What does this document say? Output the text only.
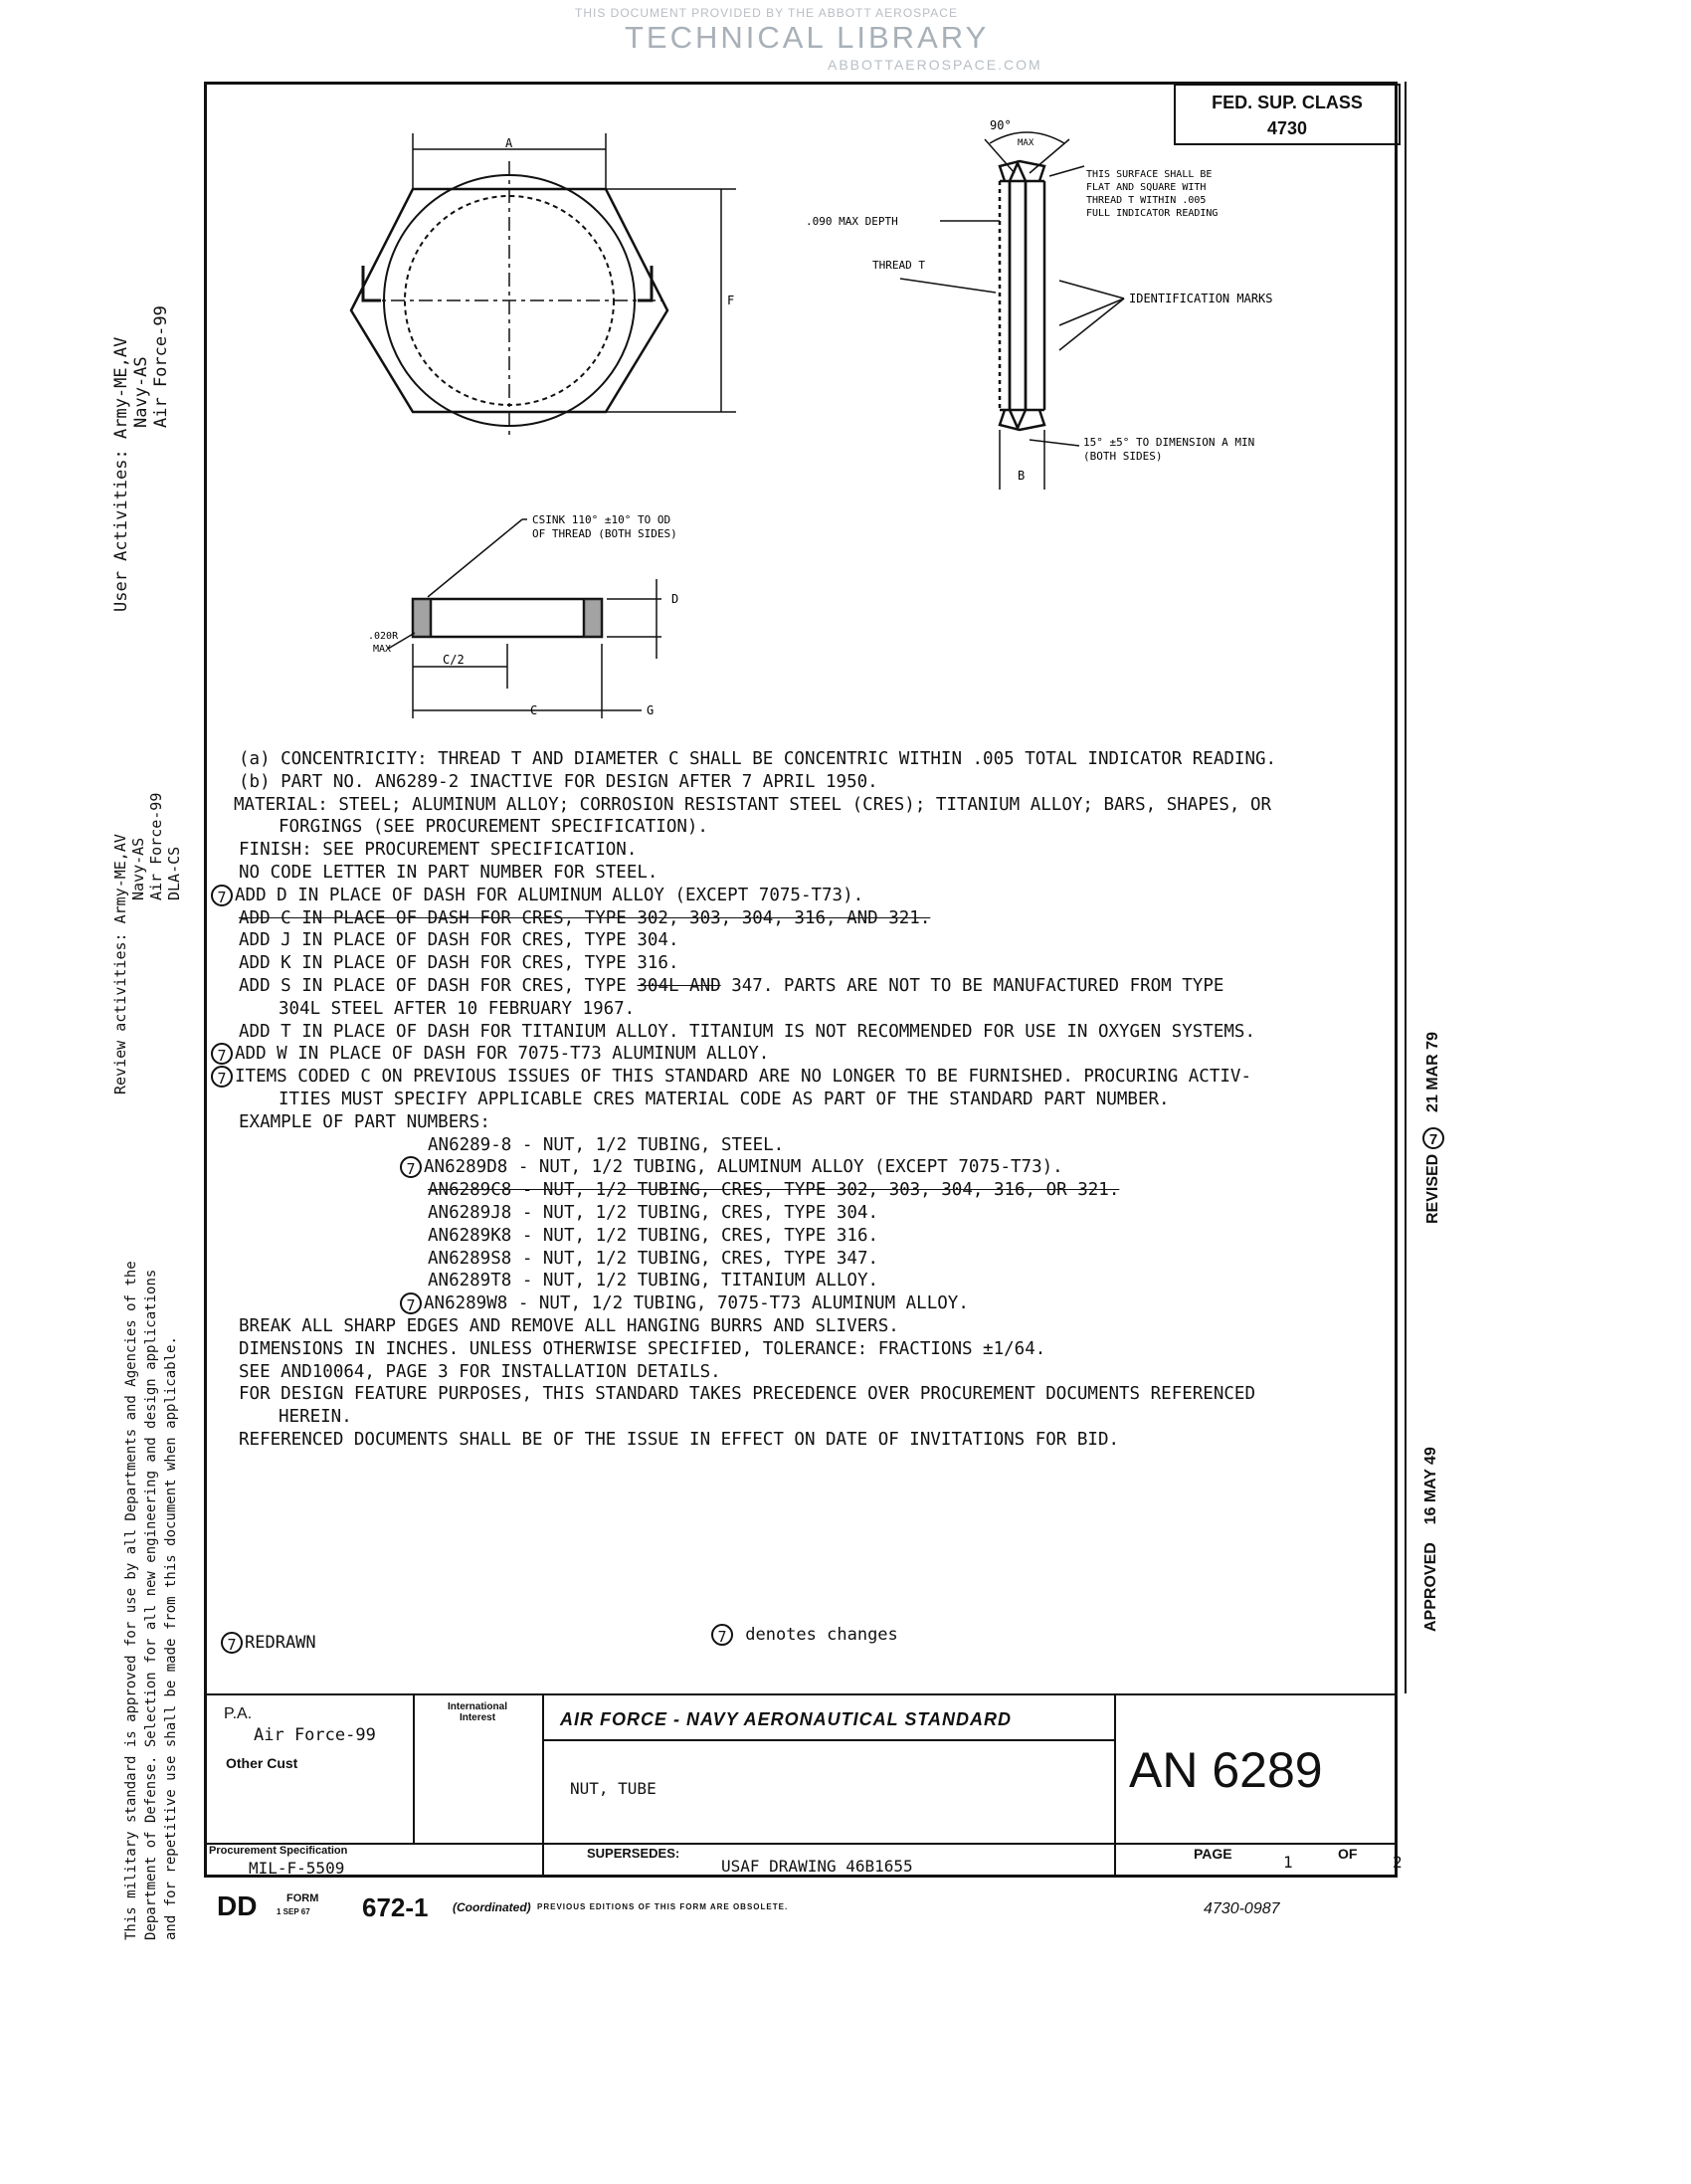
THIS DOCUMENT PROVIDED BY THE ABBOTT AEROSPACE
TECHNICAL LIBRARY
ABBOTTAEROSPACE.COM
FED. SUP. CLASS
4730
User Activities: Army-ME,AV Navy-AS Air Force-99
Review activities: Army-ME,AV Navy-AS Air Force-99 DLA-CS
This military standard is approved for use by all Departments and Agencies of the Department of Defense. Selection for all new engineering and design applications and for repetitive use shall be made from this document when applicable.
REVISED 7   21 MAR 79
APPROVED    16 MAY 49
A
F
90°
MAX
.090 MAX DEPTH
THREAD T
THIS SURFACE SHALL BE
FLAT AND SQUARE WITH
THREAD T WITHIN .005
FULL INDICATOR READING
IDENTIFICATION MARKS
15° ±5° TO DIMENSION A MIN
(BOTH SIDES)
B
CSINK 110° ±10° TO OD
OF THREAD (BOTH SIDES)
.020R
MAX
D
C/2
C	G
(a) CONCENTRICITY: THREAD T AND DIAMETER C SHALL BE CONCENTRIC WITHIN .005 TOTAL INDICATOR READING.
(b) PART NO. AN6289-2 INACTIVE FOR DESIGN AFTER 7 APRIL 1950.
MATERIAL: STEEL; ALUMINUM ALLOY; CORROSION RESISTANT STEEL (CRES); TITANIUM ALLOY; BARS, SHAPES, OR
FORGINGS (SEE PROCUREMENT SPECIFICATION).
FINISH: SEE PROCUREMENT SPECIFICATION.
NO CODE LETTER IN PART NUMBER FOR STEEL.
7 ADD D IN PLACE OF DASH FOR ALUMINUM ALLOY (EXCEPT 7075-T73).
ADD C IN PLACE OF DASH FOR CRES, TYPE 302, 303, 304, 316, AND 321.
ADD J IN PLACE OF DASH FOR CRES, TYPE 304.
ADD K IN PLACE OF DASH FOR CRES, TYPE 316.
ADD S IN PLACE OF DASH FOR CRES, TYPE 304L AND 347. PARTS ARE NOT TO BE MANUFACTURED FROM TYPE
304L STEEL AFTER 10 FEBRUARY 1967.
ADD T IN PLACE OF DASH FOR TITANIUM ALLOY. TITANIUM IS NOT RECOMMENDED FOR USE IN OXYGEN SYSTEMS.
7 ADD W IN PLACE OF DASH FOR 7075-T73 ALUMINUM ALLOY.
7 ITEMS CODED C ON PREVIOUS ISSUES OF THIS STANDARD ARE NO LONGER TO BE FURNISHED. PROCURING ACTIV-
ITIES MUST SPECIFY APPLICABLE CRES MATERIAL CODE AS PART OF THE STANDARD PART NUMBER.
EXAMPLE OF PART NUMBERS:
AN6289-8 - NUT, 1/2 TUBING, STEEL.
7 AN6289D8 - NUT, 1/2 TUBING, ALUMINUM ALLOY (EXCEPT 7075-T73).
AN6289C8 - NUT, 1/2 TUBING, CRES, TYPE 302, 303, 304, 316, OR 321.
AN6289J8 - NUT, 1/2 TUBING, CRES, TYPE 304.
AN6289K8 - NUT, 1/2 TUBING, CRES, TYPE 316.
AN6289S8 - NUT, 1/2 TUBING, CRES, TYPE 347.
AN6289T8 - NUT, 1/2 TUBING, TITANIUM ALLOY.
7 AN6289W8 - NUT, 1/2 TUBING, 7075-T73 ALUMINUM ALLOY.
BREAK ALL SHARP EDGES AND REMOVE ALL HANGING BURRS AND SLIVERS.
DIMENSIONS IN INCHES. UNLESS OTHERWISE SPECIFIED, TOLERANCE: FRACTIONS ±1/64.
SEE AND10064, PAGE 3 FOR INSTALLATION DETAILS.
FOR DESIGN FEATURE PURPOSES, THIS STANDARD TAKES PRECEDENCE OVER PROCUREMENT DOCUMENTS REFERENCED
HEREIN.
REFERENCED DOCUMENTS SHALL BE OF THE ISSUE IN EFFECT ON DATE OF INVITATIONS FOR BID.
7 REDRAWN	7 denotes changes
P.A.
Air Force-99
Other Cust
International
Interest	AIR FORCE - NAVY AERONAUTICAL STANDARD
NUT, TUBE	AN 6289
Procurement Specification
MIL-F-5509
SUPERSEDES:
USAF DRAWING 46B1655
PAGE	1	OF 2
DD	FORM
1 SEP 67 672-1 (Coordinated) PREVIOUS EDITIONS OF THIS FORM ARE OBSOLETE.	4730-0987
